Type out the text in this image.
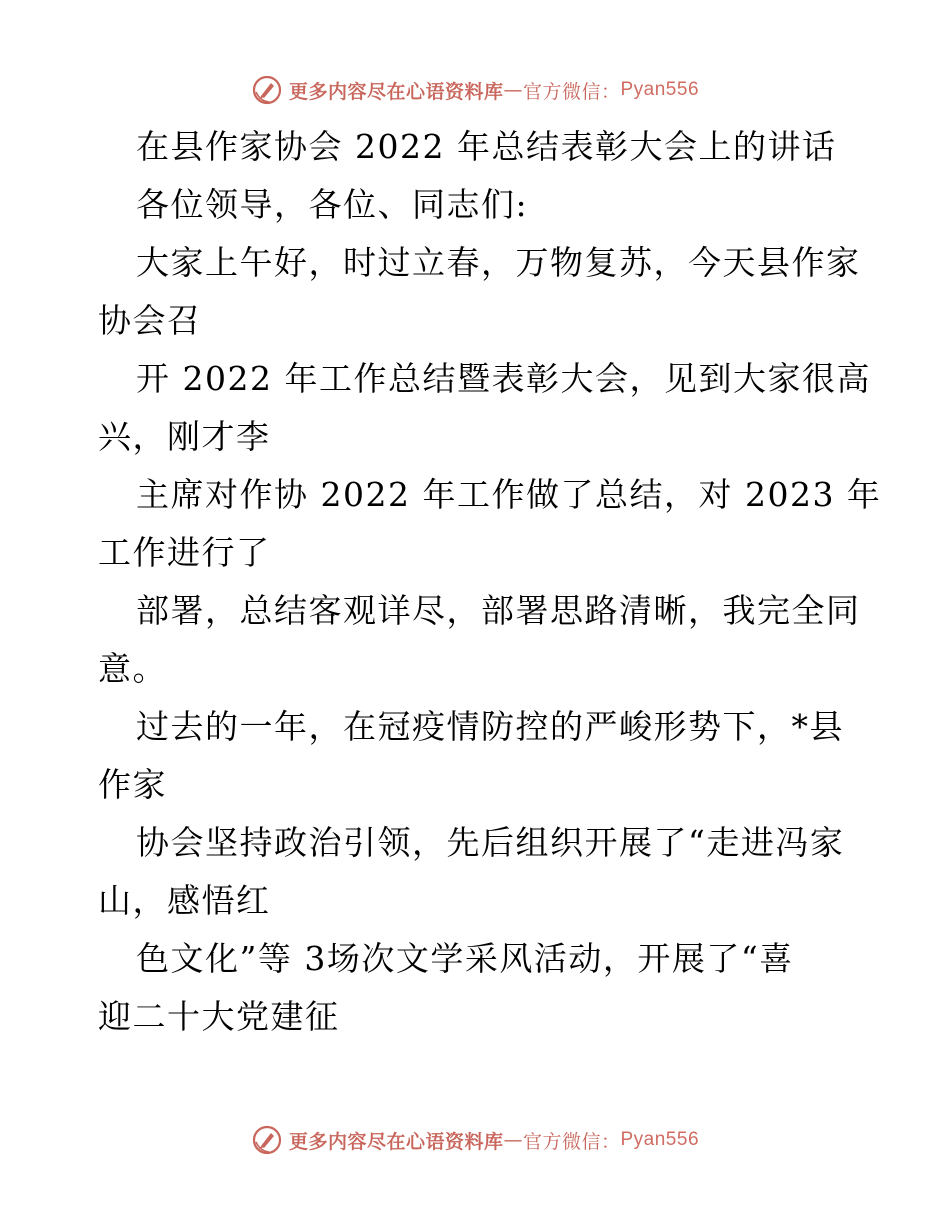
更多内容尽在心语资料库 — 官方微信： Pyan556
在县作家协会 2022 年总结表彰大会上的讲话
各位领导，各位、同志们:
大家上午好，时过立春，万物复苏，今天县作家
协会召
开 2022 年工作总结暨表彰大会，见到大家很高
兴，刚才李
主席对作协 2022 年工作做了总结，对 2023 年
工作进行了
部署，总结客观详尽，部署思路清晰，我完全同
意。
过去的一年，在冠疫情防控的严峻形势下，*县
作家
协会坚持政治引领，先后组织开展了“走进冯家
山，感悟红
色文化”等 3场次文学采风活动，开展了“喜
迎二十大党建征
更多内容尽在心语资料库 — 官方微信： Pyan556
